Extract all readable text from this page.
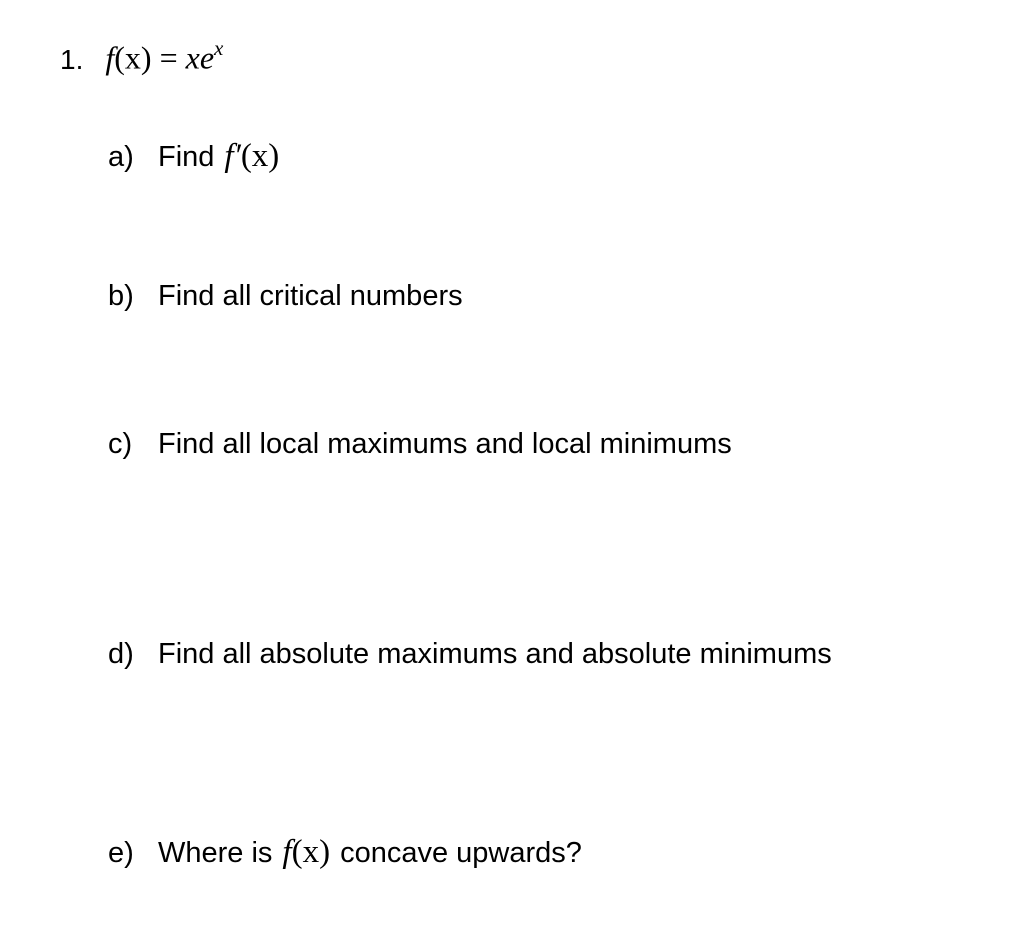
1. $f(x) = xe^x$
a) Find f′(x)
b) Find all critical numbers
c) Find all local maximums and local minimums
d) Find all absolute maximums and absolute minimums
e) Where is f(x) concave upwards?
